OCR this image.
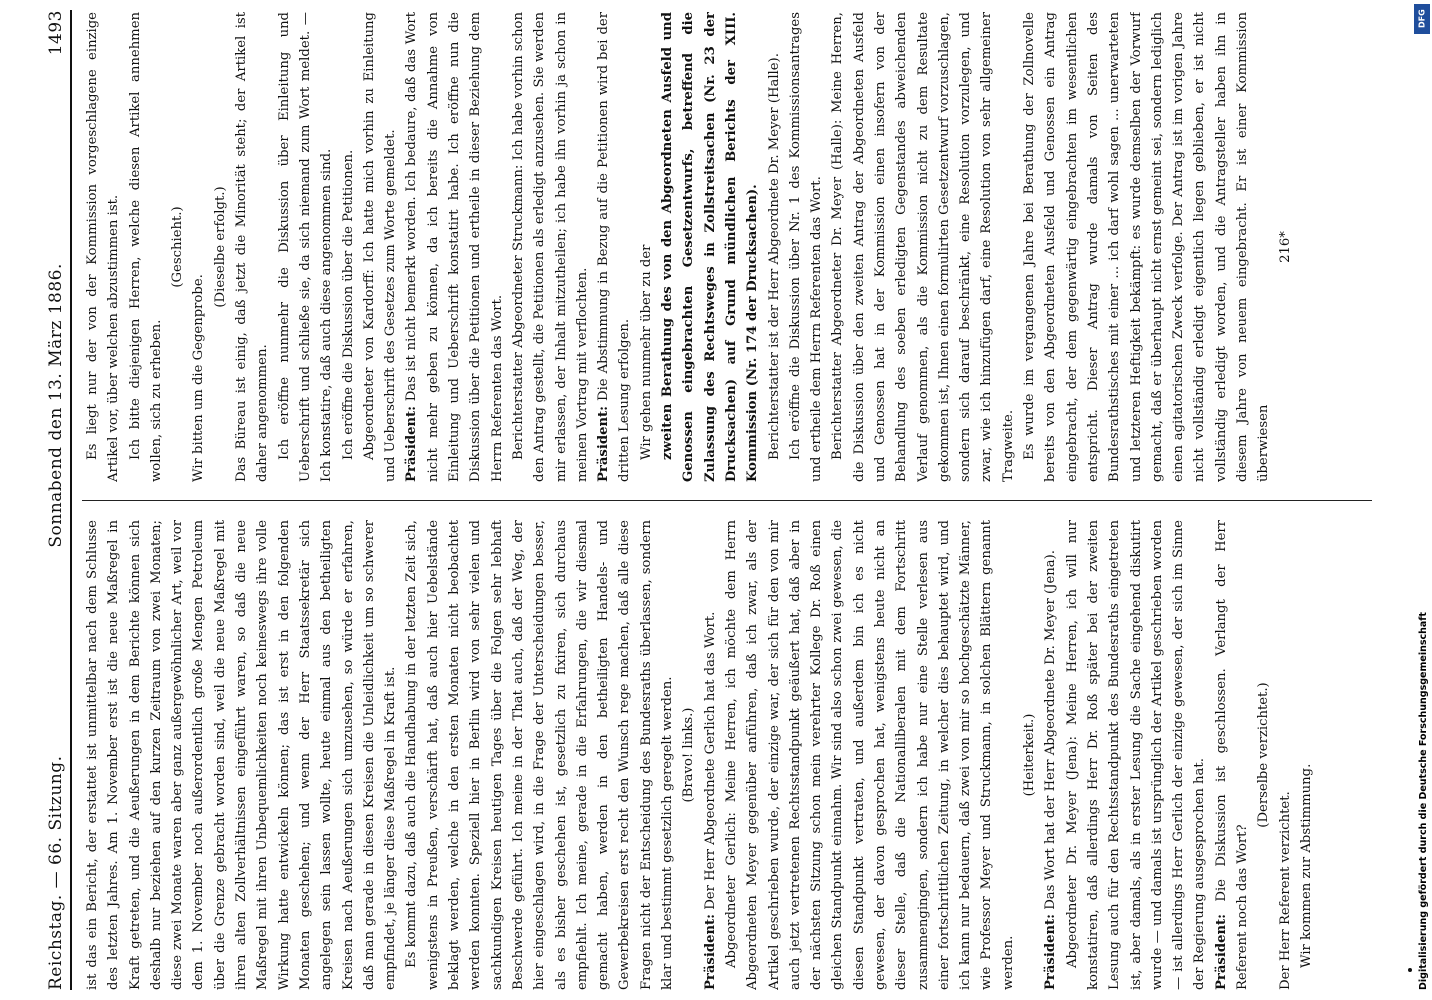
Reichstag. — 66. Sitzung.
Sonnabend den 13. März 1886.
1493

ist das ein Bericht, der erstattet ist unmittelbar nach dem Schlusse des letzten Jahres. Am 1. November erst ist die neue Maßregel in Kraft getreten, und die Aeußerungen in dem Berichte können sich deshalb nur beziehen auf den kurzen Zeitraum von zwei Monaten; diese zwei Monate waren aber ganz außergewöhnlicher Art, weil vor dem 1. November noch außerordentlich große Mengen Petroleum über die Grenze gebracht worden sind, weil die neue Maßregel mit ihren alten Zollverhältnissen eingeführt waren, so daß die neue Maßregel mit ihren Unbequemlichkeiten noch keineswegs ihre volle Wirkung hatte entwickeln können; das ist erst in den folgenden Monaten geschehen; und wenn der Herr Staatssekretär sich angelegen sein lassen wollte, heute einmal aus den betheiligten Kreisen nach Aeußerungen sich umzusehen, so würde er erfahren, daß man gerade in diesen Kreisen die Unleidlichkeit um so schwerer empfindet, je länger diese Maßregel in Kraft ist. Es kommt dazu, daß auch die Handhabung in der letzten Zeit sich, wenigstens in Preußen, verschärft hat, daß auch hier Uebelstände beklagt werden, welche in den ersten Monaten nicht beobachtet werden konnten. Speziell hier in Berlin wird von sehr vielen und sachkundigen Kreisen heutigen Tages über die Folgen sehr lebhaft Beschwerde geführt. Ich meine in der That auch, daß der Weg, der hier eingeschlagen wird, in die Frage der Unterscheidungen besser, als es bisher geschehen ist, gesetzlich zu fixiren, sich durchaus empfiehlt. Ich meine, gerade in die Erfahrungen, die wir diesmal gemacht haben, werden in den betheiligten Handels- und Gewerbekreisen erst recht den Wunsch rege machen, daß alle diese Fragen nicht der Entscheidung des Bundesraths überlassen, sondern klar und bestimmt gesetzlich geregelt werden. (Bravo! links.)

Präsident: Der Herr Abgeordnete Gerlich hat das Wort. Abgeordneter Gerlich: Meine Herren, ich möchte dem Herrn Abgeordneten Meyer gegenüber anführen, daß ich zwar, als der Artikel geschrieben wurde, der einzige war, der sich für den von mir auch jetzt vertretenen Rechtsstandpunkt geäußert hat, daß aber in der nächsten Sitzung schon mein verehrter Kollege Dr. Roß einen gleichen Standpunkt einnahm. Wir sind also schon zwei gewesen, die diesen Standpunkt vertraten, und außerdem bin ich es nicht gewesen, der davon gesprochen hat, wenigstens heute nicht an dieser Stelle, daß die Nationalliberalen mit dem Fortschritt zusammengingen, sondern ich habe nur eine Stelle verlesen aus einer fortschrittlichen Zeitung, in welcher dies behauptet wird, und ich kann nur bedauern, daß zwei von mir so hochgeschätzte Männer, wie Professor Meyer und Struckmann, in solchen Blättern genannt werden.

(Heiterkeit.)

Präsident: Das Wort hat der Herr Abgeordnete Dr. Meyer (Jena). Abgeordneter Dr. Meyer (Jena): Meine Herren, ich will nur konstatiren, daß allerdings Herr Dr. Roß später bei der zweiten Lesung auch für den Rechtsstandpunkt des Bundesraths eingetreten ist, aber damals, als in erster Lesung die Sache eingehend diskutirt wurde — und damals ist ursprünglich der Artikel geschrieben worden — ist allerdings Herr Gerlich der einzige gewesen, der sich im Sinne der Regierung ausgesprochen hat. Präsident: Die Diskussion ist geschlossen. Verlangt der Herr Referent noch das Wort?

(Derselbe verzichtet.)

Der Herr Referent verzichtet. Wir kommen zur Abstimmung.

Es liegt nur der von der Kommission vorgeschlagene einzige Artikel vor, über welchen abzustimmen ist. Ich bitte diejenigen Herren, welche diesen Artikel annehmen wollen, sich zu erheben.

(Geschieht.)

Wir bitten um die Gegenprobe.

(Dieselbe erfolgt.) Das Büreau ist einig, daß jetzt die Minorität steht; der Artikel ist daher angenommen. Ich eröffne nunmehr die Diskussion über Einleitung und Ueberschrift und schließe sie, da sich niemand zum Wort meldet. — Ich konstatire, daß auch diese angenommen sind. Ich eröffne die Diskussion über die Petitionen. Abgeordneter von Kardorff: Ich hatte mich vorhin zu Einleitung und Ueberschrift des Gesetzes zum Worte gemeldet. Präsident: Das ist nicht bemerkt worden. Ich bedaure, daß das Wort nicht mehr geben zu können, da ich bereits die Annahme von Einleitung und Ueberschrift konstatirt habe. Ich eröffne nun die Diskussion über die Petitionen und ertheile in dieser Beziehung dem Herrn Referenten das Wort. Berichterstatter Abgeordneter Struckmann: Ich habe vorhin schon den Antrag gestellt, die Petitionen als erledigt anzusehen. Sie werden mir erlassen, der Inhalt mitzutheilen; ich habe ihn vorhin ja schon in meinen Vortrag mit verflochten. Präsident: Die Abstimmung in Bezug auf die Petitionen wird bei der dritten Lesung erfolgen. Wir gehen nunmehr über zu der zweiten Berathung des von den Abgeordneten Ausfeld und Genossen eingebrachten Gesetzentwurfs, betreffend die Zulassung des Rechtsweges in Zollstreitsachen (Nr. 23 der Drucksachen) auf Grund mündlichen Berichts der XIII. Kommission (Nr. 174 der Drucksachen). Berichterstatter ist der Herr Abgeordnete Dr. Meyer (Halle). Ich eröffne die Diskussion über Nr. 1 des Kommissionsantrages und ertheile dem Herrn Referenten das Wort. Berichterstatter Abgeordneter Dr. Meyer (Halle): Meine Herren, die Diskussion über den zweiten Antrag der Abgeordneten Ausfeld und Genossen hat in der Kommission einen insofern von der Behandlung des soeben erledigten Gegenstandes abweichenden Verlauf genommen, als die Kommission nicht zu dem Resultate gekommen ist, Ihnen einen formulirten Gesetzentwurf vorzuschlagen, sondern sich darauf beschränkt, eine Resolution vorzulegen, und zwar, wie ich hinzufügen darf, eine Resolution von sehr allgemeiner Tragweite. Es wurde im vergangenen Jahre bei Berathung der Zollnovelle bereits von den Abgeordneten Ausfeld und Genossen ein Antrag eingebracht, der dem gegenwärtig eingebrachten im wesentlichen entspricht. Dieser Antrag wurde damals von Seiten des Bundesrathstisches mit einer ... ich darf wohl sagen ... unerwarteten und letzteren Heftigkeit bekämpft: es wurde demselben der Vorwurf gemacht, daß er überhaupt nicht ernst gemeint sei, sondern lediglich einen agitatorischen Zweck verfolge. Der Antrag ist im vorigen Jahre nicht vollständig erledigt eigentlich liegen geblieben, er ist nicht vollständig erledigt worden, und die Antragsteller haben ihn in diesem Jahre von neuem eingebracht. Er ist einer Kommission überwiesen

216*

DFG
Digitalisierung gefördert durch die Deutsche Forschungsgemeinschaft
